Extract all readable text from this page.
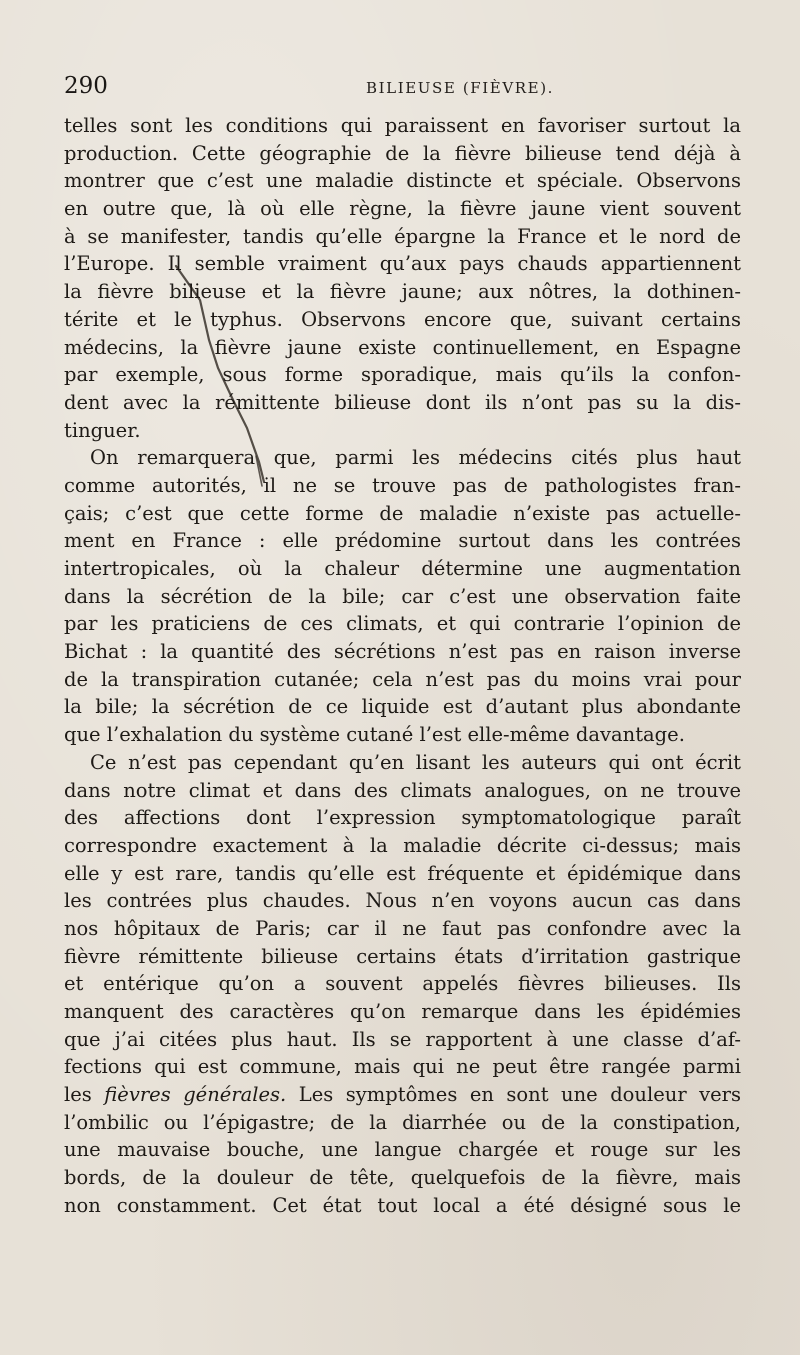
290	BILIEUSE (FIÈVRE).
telles sont les conditions qui paraissent en favoriser surtout la
production. Cette géographie de la fièvre bilieuse tend déjà à
montrer que c’est une maladie distincte et spéciale. Observons
en outre que, là où elle règne, la fièvre jaune vient souvent
à se manifester, tandis qu’elle épargne la France et le nord de
l’Europe. Il semble vraiment qu’aux pays chauds appartiennent
la fièvre bilieuse et la fièvre jaune; aux nôtres, la dothinen-
térite et le typhus. Observons encore que, suivant certains
médecins, la fièvre jaune existe continuellement, en Espagne
par exemple, sous forme sporadique, mais qu’ils la confon-
dent avec la rémittente bilieuse dont ils n’ont pas su la dis-
tinguer.
On remarquera que, parmi les médecins cités plus haut
comme autorités, il ne se trouve pas de pathologistes fran-
çais; c’est que cette forme de maladie n’existe pas actuelle-
ment en France : elle prédomine surtout dans les contrées
intertropicales, où la chaleur détermine une augmentation
dans la sécrétion de la bile; car c’est une observation faite
par les praticiens de ces climats, et qui contrarie l’opinion de
Bichat : la quantité des sécrétions n’est pas en raison inverse
de la transpiration cutanée; cela n’est pas du moins vrai pour
la bile; la sécrétion de ce liquide est d’autant plus abondante
que l’exhalation du système cutané l’est elle-même davantage.
Ce n’est pas cependant qu’en lisant les auteurs qui ont écrit
dans notre climat et dans des climats analogues, on ne trouve
des affections dont l’expression symptomatologique paraît
correspondre exactement à la maladie décrite ci-dessus; mais
elle y est rare, tandis qu’elle est fréquente et épidémique dans
les contrées plus chaudes. Nous n’en voyons aucun cas dans
nos hôpitaux de Paris; car il ne faut pas confondre avec la
fièvre rémittente bilieuse certains états d’irritation gastrique
et entérique qu’on a souvent appelés fièvres bilieuses. Ils
manquent des caractères qu’on remarque dans les épidémies
que j’ai citées plus haut. Ils se rapportent à une classe d’af-
fections qui est commune, mais qui ne peut être rangée parmi
les fièvres générales. Les symptômes en sont une douleur vers
l’ombilic ou l’épigastre; de la diarrhée ou de la constipation,
une mauvaise bouche, une langue chargée et rouge sur les
bords, de la douleur de tête, quelquefois de la fièvre, mais
non constamment. Cet état tout local a été désigné sous le
